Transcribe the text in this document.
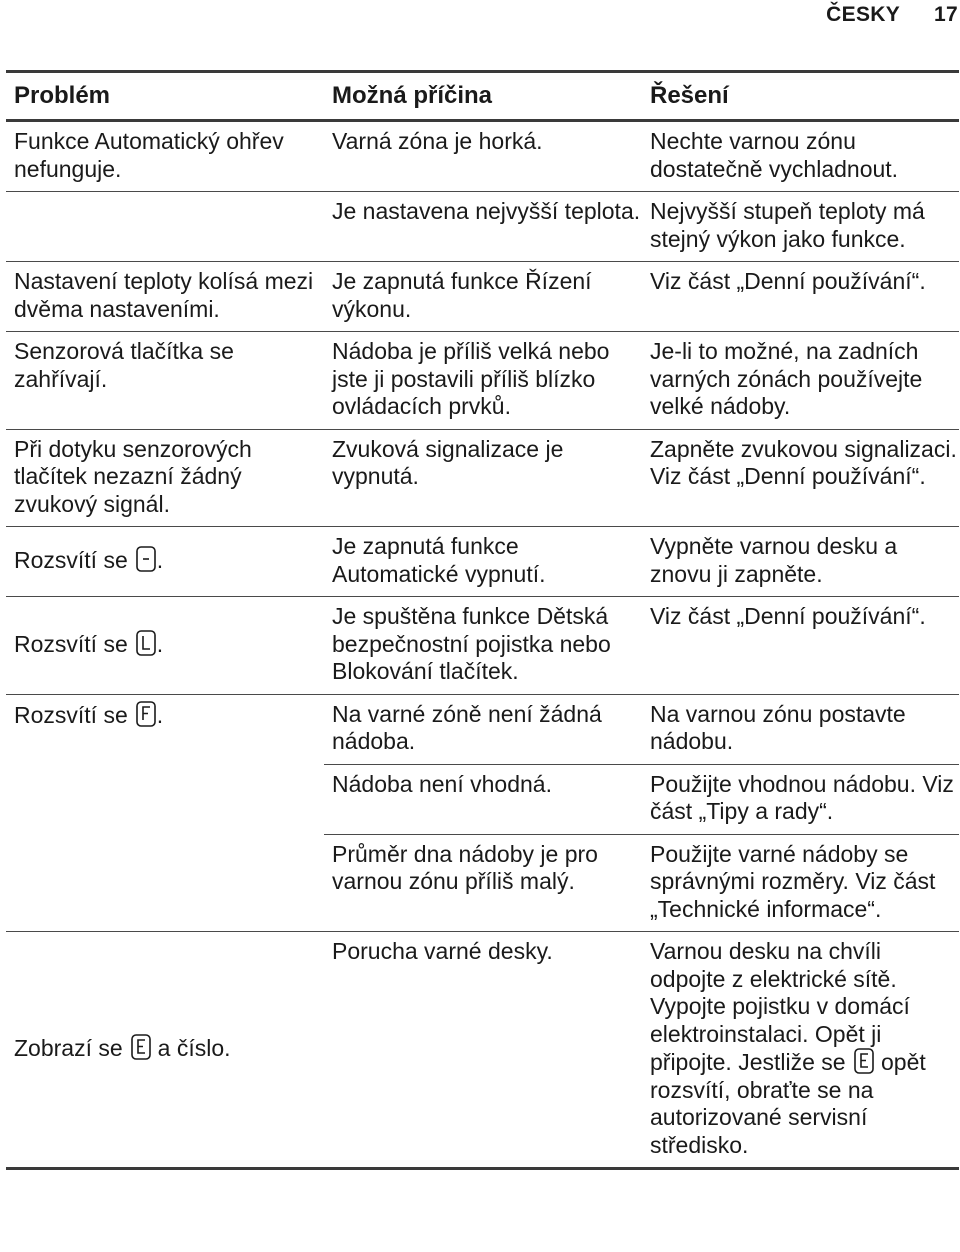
ČESKY 17
Problém	Možná příčina	Řešení
Funkce Automatický ohřev nefunguje.	Varná zóna je horká.	Nechte varnou zónu dostatečně vychladnout.
	Je nastavena nejvyšší teplota.	Nejvyšší stupeň teploty má stejný výkon jako funkce.
Nastavení teploty kolísá mezi dvěma nastaveními.	Je zapnutá funkce Řízení výkonu.	Viz část „Denní používání“.
Senzorová tlačítka se zahřívají.	Nádoba je příliš velká nebo jste ji postavili příliš blízko ovládacích prvků.	Je-li to možné, na zadních varných zónách používejte velké nádoby.
Při dotyku senzorových tlačítek nezazní žádný zvukový signál.	Zvuková signalizace je vypnutá.	Zapněte zvukovou signalizaci. Viz část „Denní používání“.
Rozsvítí se .	Je zapnutá funkce Automatické vypnutí.	Vypněte varnou desku a znovu ji zapněte.
Rozsvítí se .	Je spuštěna funkce Dětská bezpečnostní pojistka nebo Blokování tlačítek.	Viz část „Denní používání“.
Rozsvítí se .	Na varné zóně není žádná nádoba.	Na varnou zónu postavte nádobu.
	Nádoba není vhodná.	Použijte vhodnou nádobu. Viz část „Tipy a rady“.
	Průměr dna nádoby je pro varnou zónu příliš malý.	Použijte varné nádoby se správnými rozměry. Viz část „Technické informace“.
Zobrazí se a číslo.	Porucha varné desky.	Varnou desku na chvíli odpojte z elektrické sítě. Vypojte pojistku v domácí elektroinstalaci. Opět ji připojte. Jestliže se opět rozsvítí, obraťte se na autorizované servisní středisko.
